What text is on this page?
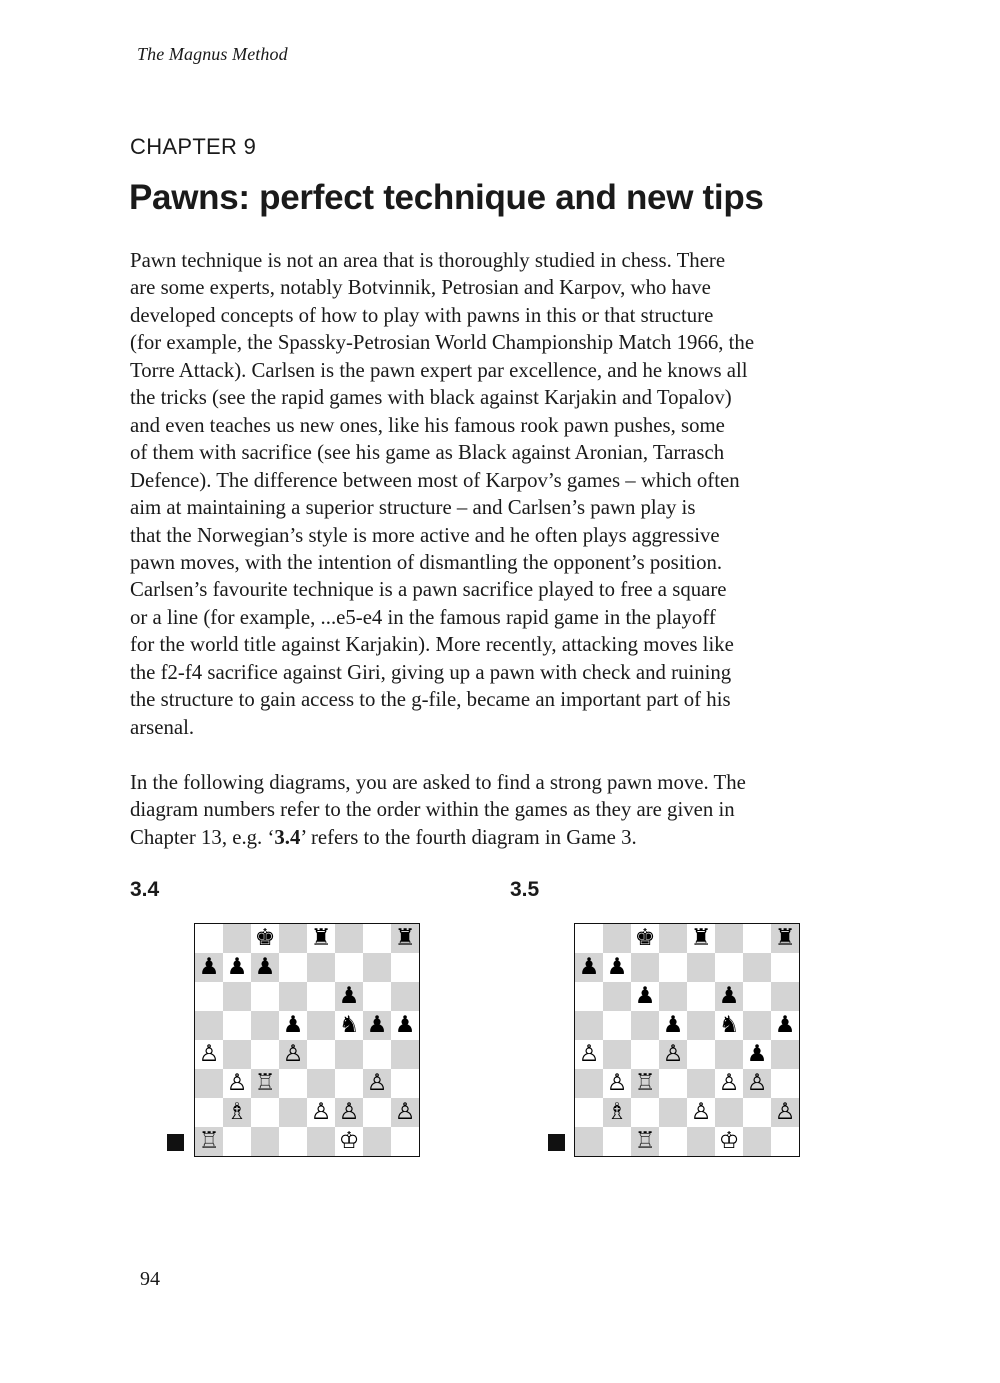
The Magnus Method
CHAPTER 9
Pawns: perfect technique and new tips

Pawn technique is not an area that is thoroughly studied in chess. There
are some experts, notably Botvinnik, Petrosian and Karpov, who have
developed concepts of how to play with pawns in this or that structure
(for example, the Spassky-Petrosian World Championship Match 1966, the
Torre Attack). Carlsen is the pawn expert par excellence, and he knows all
the tricks (see the rapid games with black against Karjakin and Topalov)
and even teaches us new ones, like his famous rook pawn pushes, some
of them with sacrifice (see his game as Black against Aronian, Tarrasch
Defence). The difference between most of Karpov’s games – which often
aim at maintaining a superior structure – and Carlsen’s pawn play is
that the Norwegian’s style is more active and he often plays aggressive
pawn moves, with the intention of dismantling the opponent’s position.
Carlsen’s favourite technique is a pawn sacrifice played to free a square
or a line (for example, ...e5-e4 in the famous rapid game in the playoff
for the world title against Karjakin). More recently, attacking moves like
the f2-f4 sacrifice against Giri, giving up a pawn with check and ruining
the structure to gain access to the g-file, became an important part of his
arsenal.

In the following diagrams, you are asked to find a strong pawn move. The
diagram numbers refer to the order within the games as they are given in
Chapter 13, e.g. ‘3.4’ refers to the fourth diagram in Game 3.

3.4
♚ ♜	♜
♟ ♟ ♟
♟
♟ ♞ ♟ ♟
♙	♙
♙ ♖	♙
♗	♙ ♙ ♙
♖	♔
3.5
♚ ♜	♜
♟ ♟
♟	♟
♟ ♞ ♟
♙	♙	♟
♙ ♖	♙ ♙
♗	♙	♙
♖	♔
94
